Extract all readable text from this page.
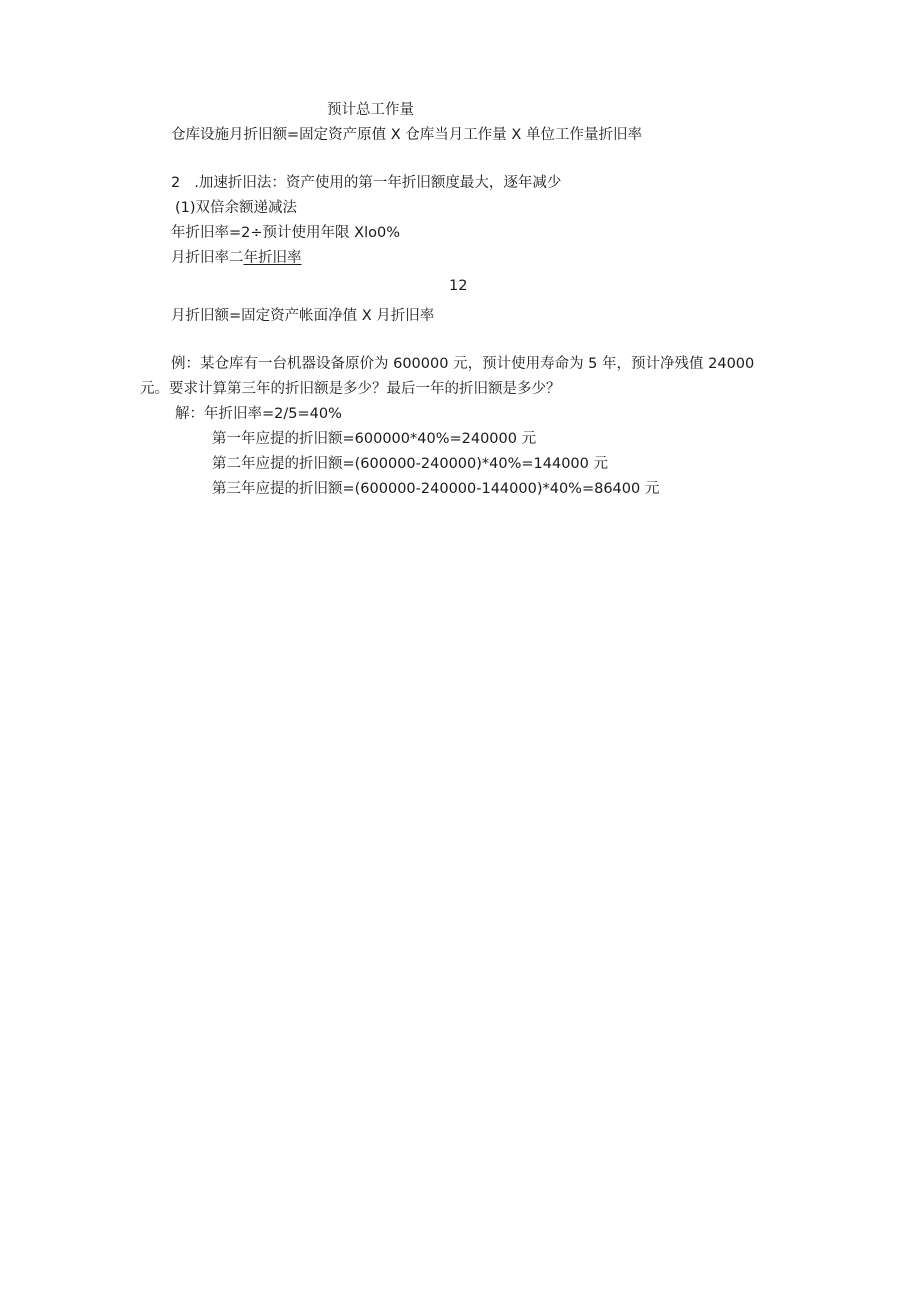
预计总工作量
仓库设施月折旧额=固定资产原值 X 仓库当月工作量 X 单位工作量折旧率
2 .加速折旧法：资产使用的第一年折旧额度最大，逐年减少
(1)双倍余额递减法
年折旧率=2÷预计使用年限 Xlo0%
月折旧率二年折旧率
12
月折旧额=固定资产帐面净值 X 月折旧率
例：某仓库有一台机器设备原价为 600000 元，预计使用寿命为 5 年，预计净残值 24000
元。要求计算第三年的折旧额是多少？最后一年的折旧额是多少？
解：年折旧率=2/5=40%
第一年应提的折旧额=600000*40%=240000 元
第二年应提的折旧额=(600000-240000)*40%=144000 元
第三年应提的折旧额=(600000-240000-144000)*40%=86400 元
